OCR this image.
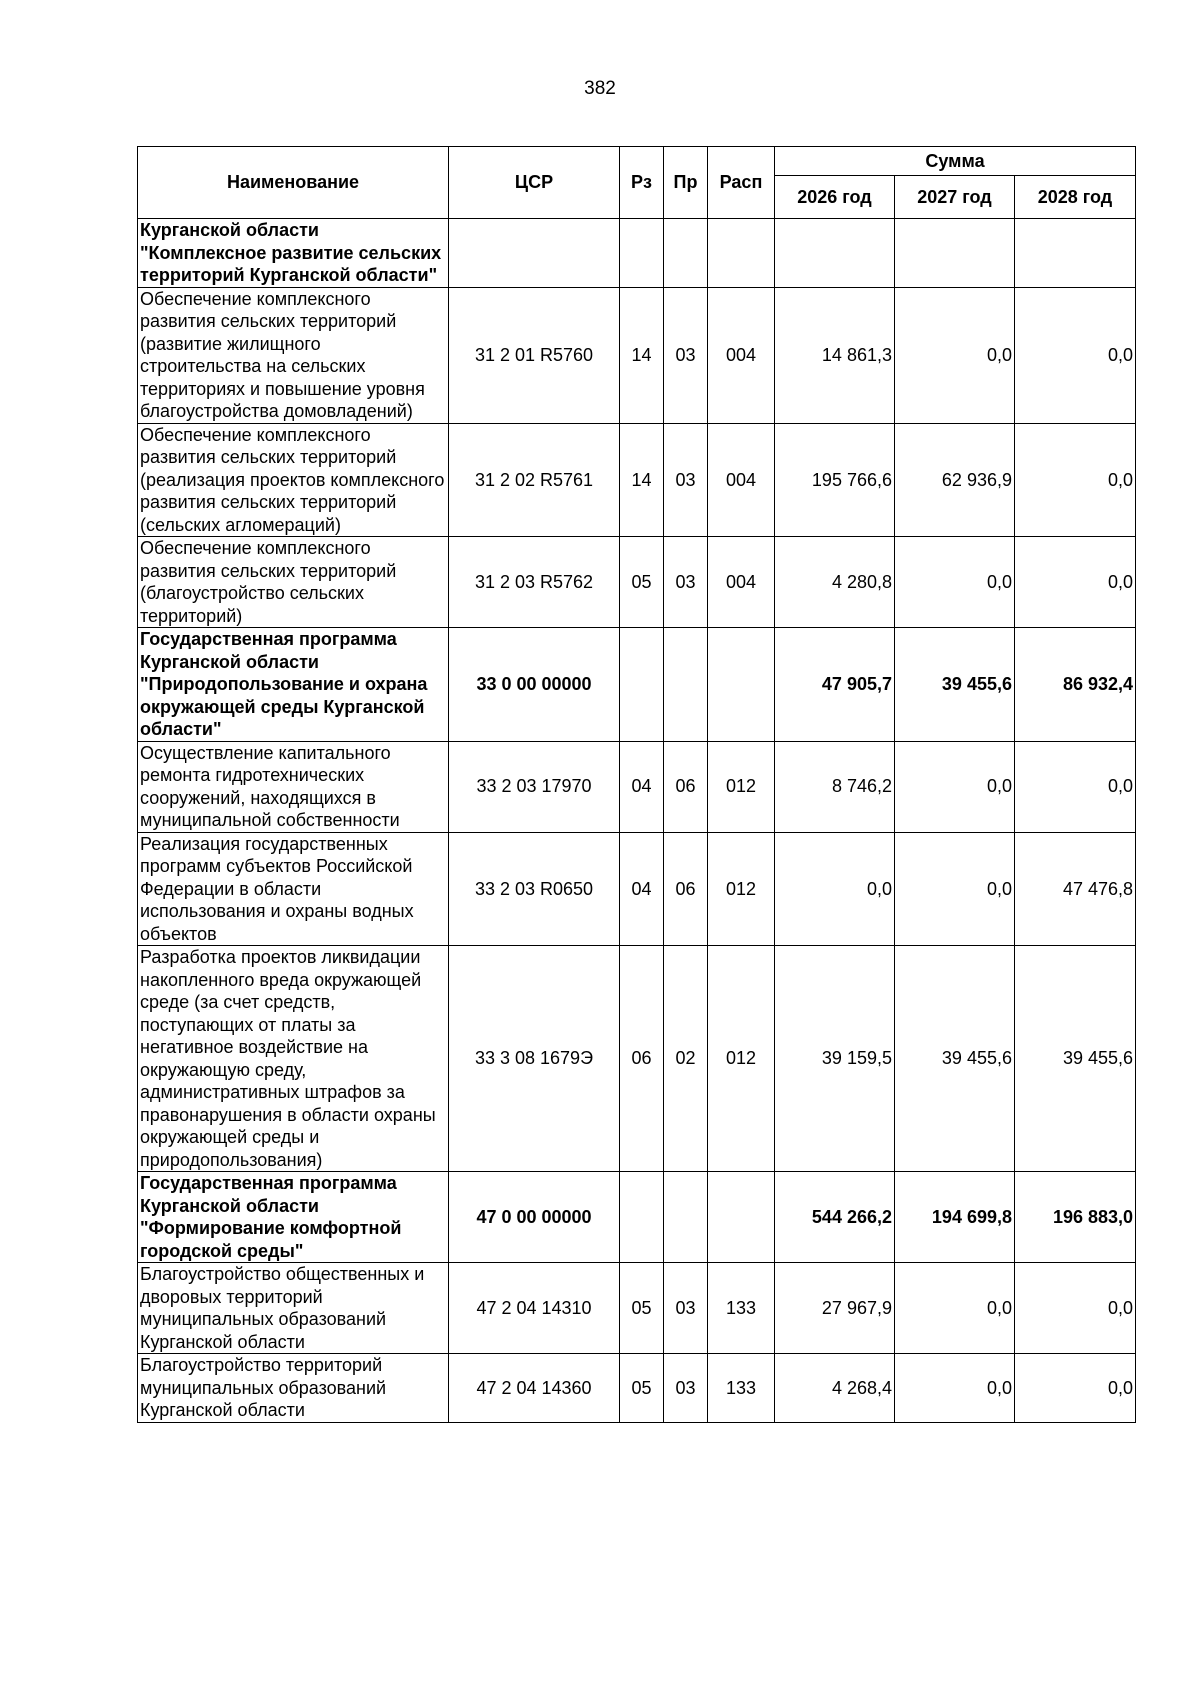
382
Наименование	ЦСР	Рз	Пр	Расп	Сумма		
					2026 год	2027 год	2028 год
Курганской области "Комплексное развитие сельских территорий Курганской области"							
Обеспечение комплексного развития сельских территорий (развитие жилищного строительства на сельских территориях и повышение уровня благоустройства домовладений)	31 2 01 R5760	14	03	004	14 861,3	0,0	0,0
Обеспечение комплексного развития сельских территорий (реализация проектов комплексного развития сельских территорий (сельских агломераций)	31 2 02 R5761	14	03	004	195 766,6	62 936,9	0,0
Обеспечение комплексного развития сельских территорий (благоустройство сельских территорий)	31 2 03 R5762	05	03	004	4 280,8	0,0	0,0
Государственная программа Курганской области "Природопользование и охрана окружающей среды Курганской области"	33 0 00 00000				47 905,7	39 455,6	86 932,4
Осуществление капитального ремонта гидротехнических сооружений, находящихся в муниципальной собственности	33 2 03 17970	04	06	012	8 746,2	0,0	0,0
Реализация государственных программ субъектов Российской Федерации в области использования и охраны водных объектов	33 2 03 R0650	04	06	012	0,0	0,0	47 476,8
Разработка проектов ликвидации накопленного вреда окружающей среде (за счет средств, поступающих от платы за негативное воздействие на окружающую среду, административных штрафов за правонарушения в области охраны окружающей среды и природопользования)	33 3 08 1679Э	06	02	012	39 159,5	39 455,6	39 455,6
Государственная программа Курганской области "Формирование комфортной городской среды"	47 0 00 00000				544 266,2	194 699,8	196 883,0
Благоустройство общественных и дворовых территорий муниципальных образований Курганской области	47 2 04 14310	05	03	133	27 967,9	0,0	0,0
Благоустройство территорий муниципальных образований Курганской области	47 2 04 14360	05	03	133	4 268,4	0,0	0,0
